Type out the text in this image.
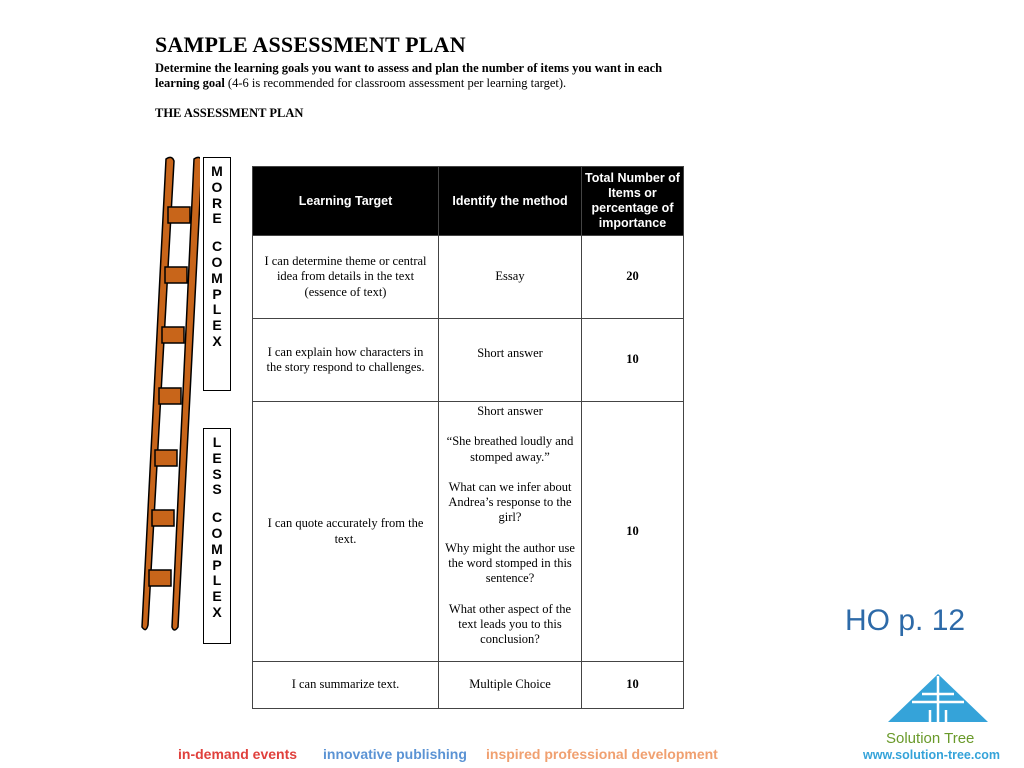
SAMPLE ASSESSMENT PLAN
Determine the learning goals you want to assess and plan the number of items you want in each learning goal (4-6 is recommended for classroom assessment per learning target).
THE ASSESSMENT PLAN
M
O
R
E
C
O
M
P
L
E
X
L
E
S
S
C
O
M
P
L
E
X
Learning Target	Identify the method	Total Number of Items or percentage of importance
I can determine theme or central idea from details in the text (essence of text)	Essay	20
I can explain how characters in the story respond to challenges.	Short answer	10
I can quote accurately from the text.	Short answer

“She breathed loudly and stomped away.”

What can we infer about Andrea’s response to the girl?

Why might the author use the word stomped in this sentence?

What other aspect of the text leads you to this conclusion?	10
I can summarize text.	Multiple Choice	10
HO p. 12
in-demand events innovative publishing inspired professional development
Solution Tree
www.solution-tree.com
